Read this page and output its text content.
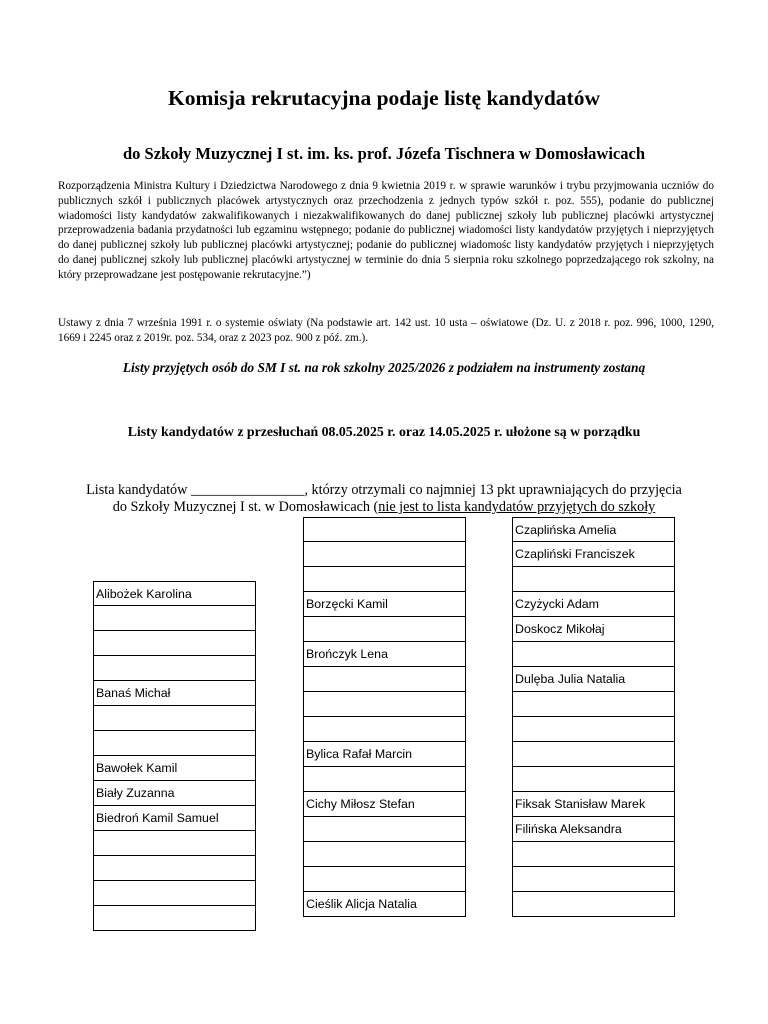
Komisja rekrutacyjna podaje listę kandydatów
do Szkoły Muzycznej I st. im. ks. prof. Józefa Tischnera w Domosławicach
Rozporządzenia Ministra Kultury i Dziedzictwa Narodowego z dnia 9 kwietnia 2019 r. w sprawie warunków i trybu przyjmowania uczniów do publicznych szkół i publicznych placówek artystycznych oraz przechodzenia z jednych typów szkół r. poz. 555), podanie do publicznej wiadomości listy kandydatów zakwalifikowanych i niezakwalifikowanych do danej publicznej szkoły lub publicznej placówki artystycznej przeprowadzenia badania przydatności lub egzaminu wstępnego; podanie do publicznej wiadomości listy kandydatów przyjętych i nieprzyjętych do danej publicznej szkoły lub publicznej placówki artystycznej; podanie do publicznej wiadomośc listy kandydatów przyjętych i nieprzyjętych do danej publicznej szkoły lub publicznej placówki artystycznej w terminie do dnia 5 sierpnia roku szkolnego poprzedzającego rok szkolny, na który przeprowadzane jest postępowanie rekrutacyjne.”)
Ustawy z dnia 7 września 1991 r. o systemie oświaty (Na podstawie art. 142 ust. 10 usta – oświatowe (Dz. U. z 2018 r. poz. 996, 1000, 1290, 1669 i 2245 oraz z 2019r. poz. 534, oraz z 2023 poz. 900 z póź. zm.).
Listy przyjętych osób do SM I st. na rok szkolny 2025/2026 z podziałem na instrumenty zostaną
Listy kandydatów z przesłuchań 08.05.2025 r. oraz 14.05.2025 r. ułożone są w porządku
Lista kandydatów ________________, którzy otrzymali co najmniej 13 pkt uprawniających do przyjęcia
do Szkoły Muzycznej I st. w Domosławicach (nie jest to lista kandydatów przyjętych do szkoły
Alibożek Karolina
Banaś Michał
Bawołek Kamil
Biały Zuzanna
Biedroń Kamil Samuel
Borzęcki Kamil
Brończyk Lena
Bylica Rafał Marcin
Cichy Miłosz Stefan
Cieślik Alicja Natalia
Czaplińska Amelia
Czapliński Franciszek
Czyżycki Adam
Doskocz Mikołaj
Dulęba Julia Natalia
Fiksak Stanisław Marek
Filińska Aleksandra
